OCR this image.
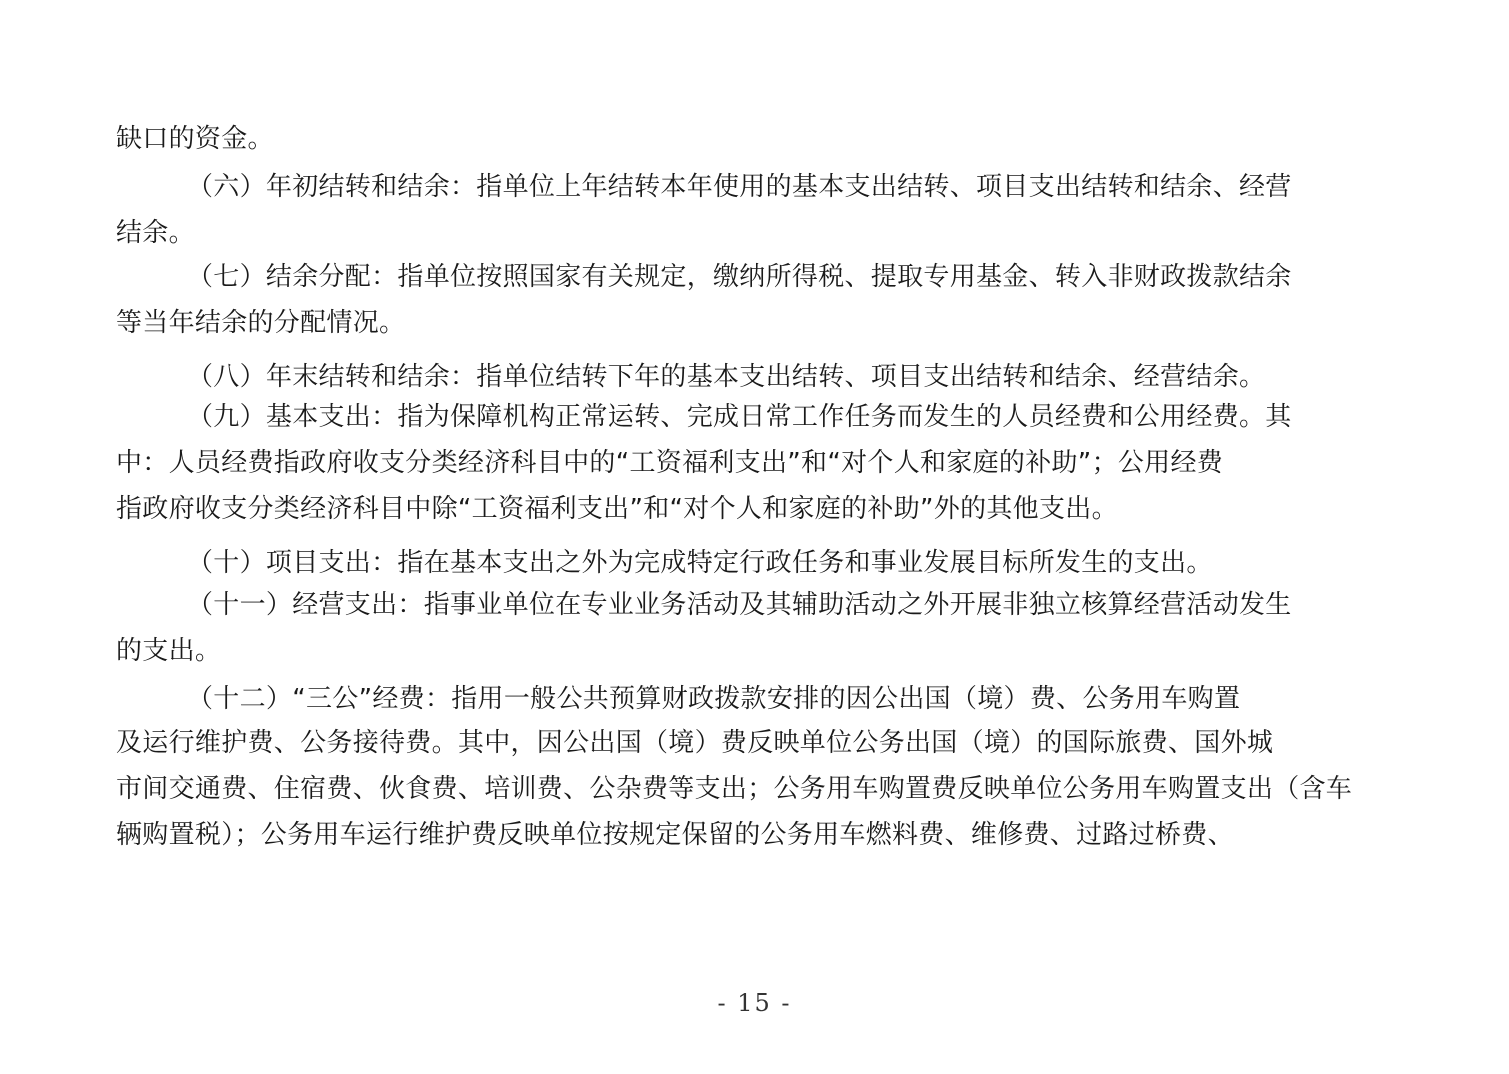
缺口的资金。
（六）年初结转和结余：指单位上年结转本年使用的基本支出结转、项目支出结转和结余、经营
结余。
（七）结余分配：指单位按照国家有关规定，缴纳所得税、提取专用基金、转入非财政拨款结余
等当年结余的分配情况。
（八）年末结转和结余：指单位结转下年的基本支出结转、项目支出结转和结余、经营结余。
（九）基本支出：指为保障机构正常运转、完成日常工作任务而发生的人员经费和公用经费。其
中：人员经费指政府收支分类经济科目中的“工资福利支出”和“对个人和家庭的补助”；公用经费
指政府收支分类经济科目中除“工资福利支出”和“对个人和家庭的补助”外的其他支出。
（十）项目支出：指在基本支出之外为完成特定行政任务和事业发展目标所发生的支出。
（十一）经营支出：指事业单位在专业业务活动及其辅助活动之外开展非独立核算经营活动发生
的支出。
（十二）“三公”经费：指用一般公共预算财政拨款安排的因公出国（境）费、公务用车购置
及运行维护费、公务接待费。其中，因公出国（境）费反映单位公务出国（境）的国际旅费、国外城
市间交通费、住宿费、伙食费、培训费、公杂费等支出；公务用车购置费反映单位公务用车购置支出（含车
辆购置税）；公务用车运行维护费反映单位按规定保留的公务用车燃料费、维修费、过路过桥费、
- 15 -
